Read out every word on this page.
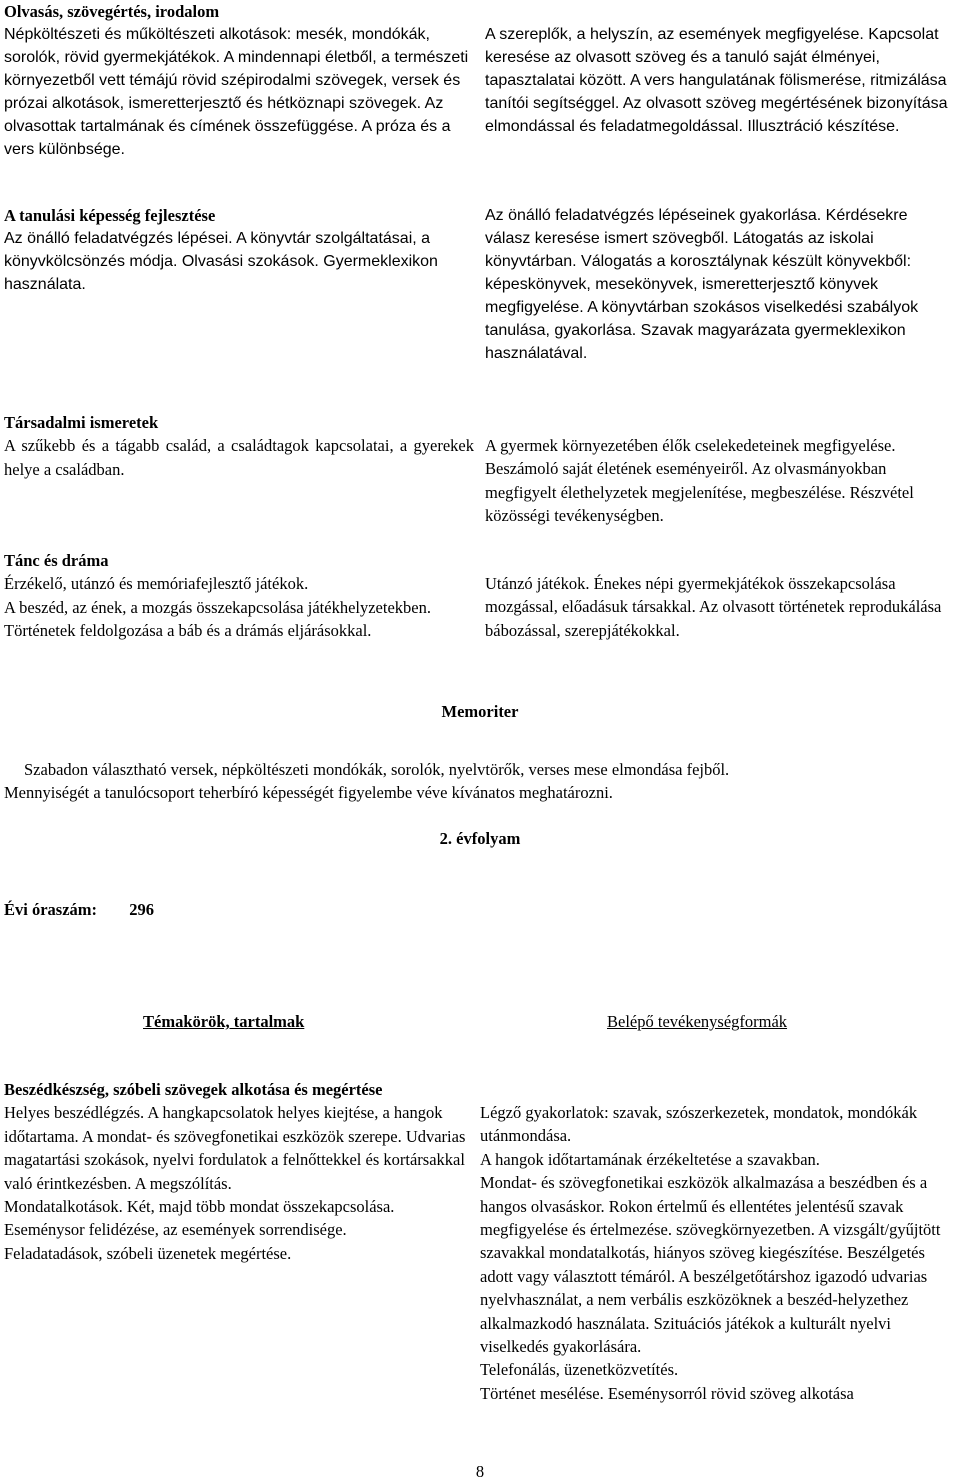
Olvasás, szövegértés, irodalom

Népköltészeti és műköltészeti alkotások: mesék, mondókák, sorolók, rövid gyermekjátékok. A mindennapi életből, a természeti környezetből vett témájú rövid szépirodalmi szövegek, versek és prózai alkotások, ismeretterjesztő és hétköznapi szövegek. Az olvasottak tartalmának és címének összefüggése. A próza és a vers különbsége.

A szereplők, a helyszín, az események megfigyelése. Kapcsolat keresése az olvasott szöveg és a tanuló saját élményei, tapasztalatai között. A vers hangulatának fölismerése, ritmizálása tanítói segítséggel. Az olvasott szöveg megértésének bizonyítása elmondással és feladatmegoldással. Illusztráció készítése.

A tanulási képesség fejlesztése

Az önálló feladatvégzés lépései. A könyvtár szolgáltatásai, a könyvkölcsönzés módja. Olvasási szokások. Gyermeklexikon használata.

Az önálló feladatvégzés lépéseinek gyakorlása. Kérdésekre válasz keresése ismert szövegből. Látogatás az iskolai könyvtárban. Válogatás a korosztálynak készült könyvekből: képeskönyvek, mesekönyvek, ismeretterjesztő könyvek megfigyelése. A könyvtárban szokásos viselkedési szabályok tanulása, gyakorlása. Szavak magyarázata gyermeklexikon használatával.

Társadalmi ismeretek

A szűkebb és a tágabb család, a családtagok kapcsolatai, a gyerekek helye a családban.

A gyermek környezetében élők cselekedeteinek megfigyelése. Beszámoló saját életének eseményeiről. Az olvasmányokban megfigyelt élethelyzetek megjelenítése, megbeszélése. Részvétel közösségi tevékenységben.

Tánc és dráma

Érzékelő, utánzó és memóriafejlesztő játékok.

A beszéd, az ének, a mozgás összekapcsolása játékhelyzetekben.

Történetek feldolgozása a báb és a drámás eljárásokkal.

Utánzó játékok. Énekes népi gyermekjátékok összekapcsolása mozgással, előadásuk társakkal. Az olvasott történetek reprodukálása bábozással, szerepjátékokkal.

Memoriter

Szabadon választható versek, népköltészeti mondókák, sorolók, nyelvtörők, verses mese elmondása fejből.

Mennyiségét a tanulócsoport teherbíró képességét figyelembe véve kívánatos meghatározni.

2. évfolyam
Évi óraszám: 296
Témakörök, tartalmak	Belépő tevékenységformák

Beszédkészség, szóbeli szövegek alkotása és megértése

Helyes beszédlégzés. A hangkapcsolatok helyes kiejtése, a hangok időtartama. A mondat- és szövegfonetikai eszközök szerepe. Udvarias magatartási szokások, nyelvi fordulatok a felnőttekkel és kortársakkal való érintkezésben. A megszólítás.

Mondatalkotások. Két, majd több mondat összekapcsolása.

Eseménysor felidézése, az események sorrendisége.

Feladatadások, szóbeli üzenetek megértése.

Légző gyakorlatok: szavak, szószerkezetek, mondatok, mondókák utánmondása.

A hangok időtartamának érzékeltetése a szavakban.

Mondat- és szövegfonetikai eszközök alkalmazása a beszédben és a hangos olvasáskor. Rokon értelmű és ellentétes jelentésű szavak megfigyelése és értelmezése. szövegkörnyezetben. A vizsgált/gyűjtött szavakkal mondatalkotás, hiányos szöveg kiegészítése. Beszélgetés adott vagy választott témáról. A beszélgetőtárshoz igazodó udvarias nyelvhasználat, a nem verbális eszközöknek a beszéd-helyzethez alkalmazkodó használata. Szituációs játékok a kulturált nyelvi viselkedés gyakorlására.

Telefonálás, üzenetközvetítés.

Történet mesélése. Eseménysorról rövid szöveg alkotása

8
